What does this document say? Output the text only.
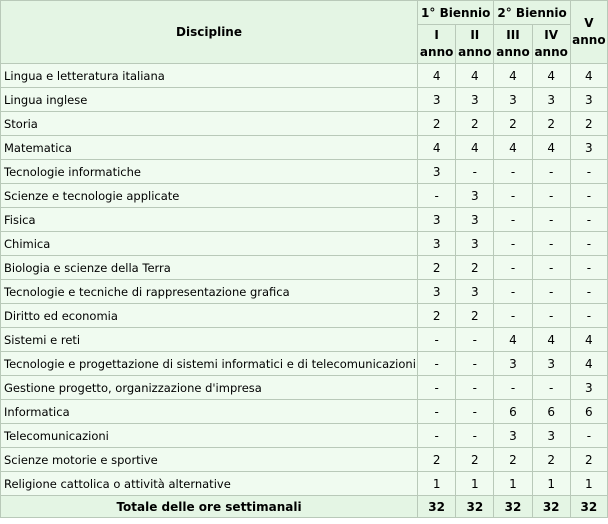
Discipline	1° Biennio		2° Biennio		V anno
	I anno	II anno	III anno	IV anno	
Lingua e letteratura italiana	4	4	4	4	4
Lingua inglese	3	3	3	3	3
Storia	2	2	2	2	2
Matematica	4	4	4	4	3
Tecnologie informatiche	3	-	-	-	-
Scienze e tecnologie applicate	-	3	-	-	-
Fisica	3	3	-	-	-
Chimica	3	3	-	-	-
Biologia e scienze della Terra	2	2	-	-	-
Tecnologie e tecniche di rappresentazione grafica	3	3	-	-	-
Diritto ed economia	2	2	-	-	-
Sistemi e reti	-	-	4	4	4
Tecnologie e progettazione di sistemi informatici e di telecomunicazioni	-	-	3	3	4
Gestione progetto, organizzazione d'impresa	-	-	-	-	3
Informatica	-	-	6	6	6
Telecomunicazioni	-	-	3	3	-
Scienze motorie e sportive	2	2	2	2	2
Religione cattolica o attività alternative	1	1	1	1	1
Totale delle ore settimanali	32	32	32	32	32
